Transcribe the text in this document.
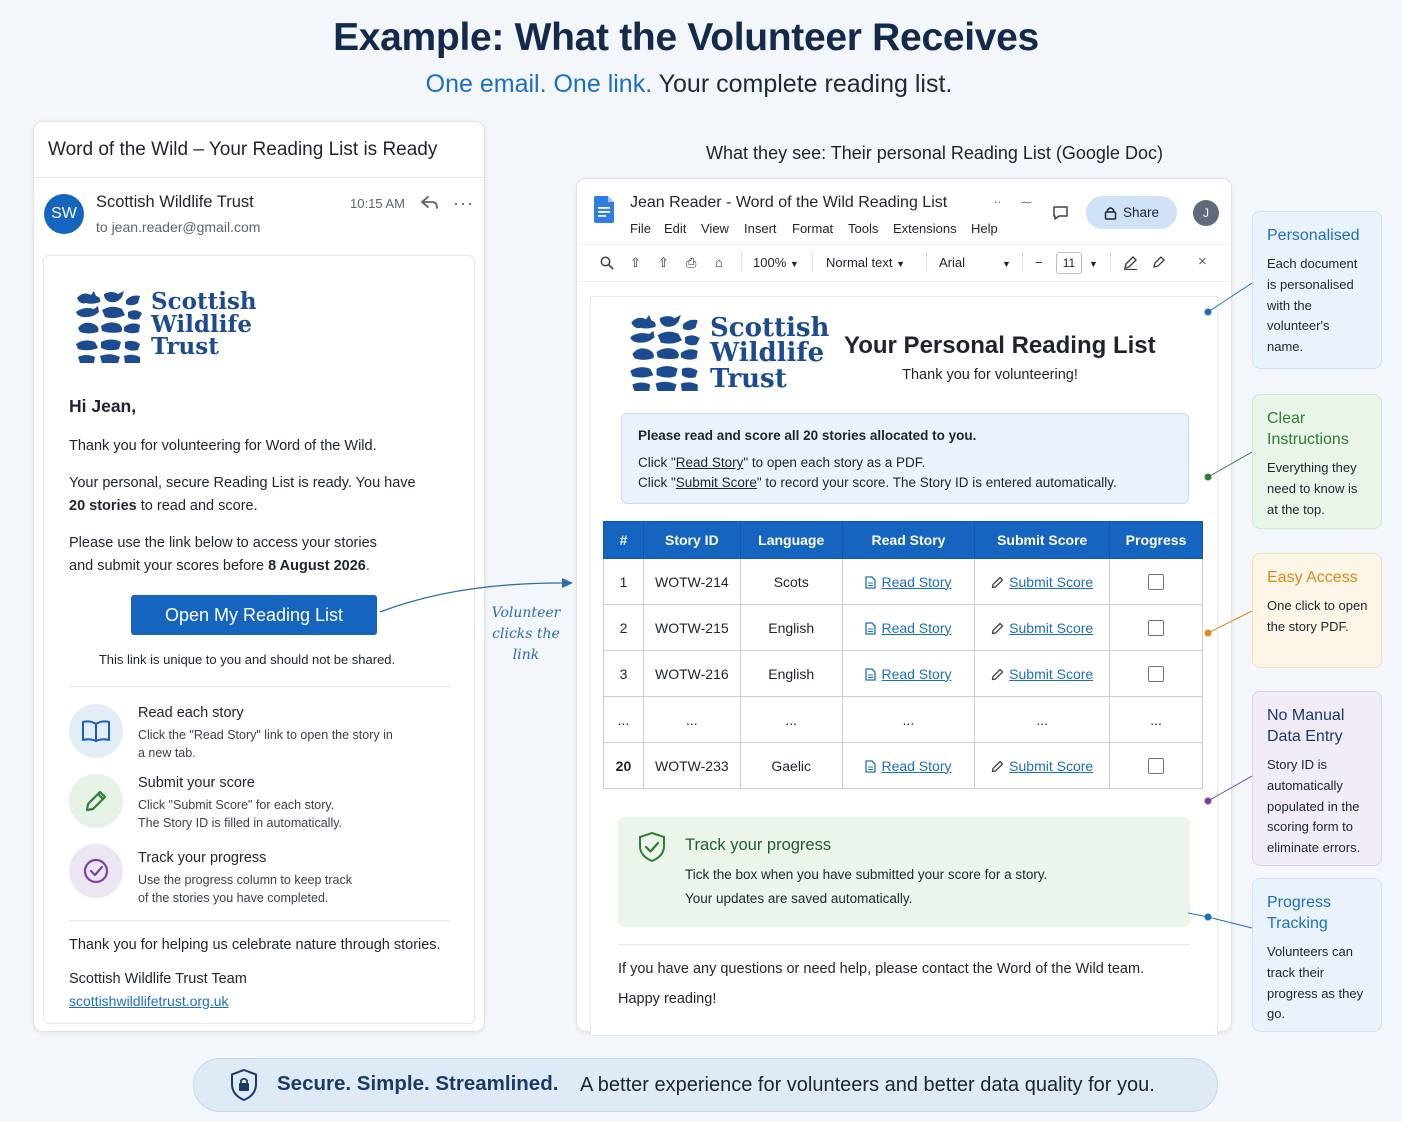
Example: What the Volunteer Receives
One email. One link. Your complete reading list.
Word of the Wild – Your Reading List is Ready
SW
Scottish Wildlife Trust
to jean.reader@gmail.com
10:15 AM	···
Scottish
Wildlife
Trust
Hi Jean,
Thank you for volunteering for Word of the Wild.
Your personal, secure Reading List is ready. You have
20 stories to read and score.
Please use the link below to access your stories
and submit your scores before 8 August 2026.
Open My Reading List
This link is unique to you and should not be shared.
Read each story
Click the "Read Story" link to open the story in
a new tab.
Submit your score
Click "Submit Score" for each story.
The Story ID is filled in automatically.
Track your progress
Use the progress column to keep track
of the stories you have completed.
Thank you for helping us celebrate nature through stories.
Scottish Wildlife Trust Team
scottishwildlifetrust.org.uk
Volunteer
clicks the
link
What they see: Their personal Reading List (Google Doc)
Jean Reader - Word of the Wild Reading List	⋅⋅ ⁓
File Edit View Insert Format Tools Extensions Help
Share	J
⇧ ⇧ ⎙ ⌂ 100% ▼ Normal text ▼	Arial	▼ −	11	▼	×
Scottish
Wildlife
Trust
Your Personal Reading List
Thank you for volunteering!
Please read and score all 20 stories allocated to you.
Click "Read Story" to open each story as a PDF.
Click "Submit Score" to record your score. The Story ID is entered automatically.
#	Story ID	Language	Read Story	Submit Score	Progress
1	WOTW-214	Scots	Read Story	Submit Score	
2	WOTW-215	English	Read Story	Submit Score	
3	WOTW-216	English	Read Story	Submit Score	
...	...	...	...	...	...
20	WOTW-233	Gaelic	Read Story	Submit Score	
Track your progress
Tick the box when you have submitted your score for a story.
Your updates are saved automatically.
If you have any questions or need help, please contact the Word of the Wild team.
Happy reading!
Personalised
Each document is personalised with the volunteer's name.
Clear Instructions
Everything they need to know is at the top.
Easy Access
One click to open the story PDF.
No Manual Data Entry
Story ID is automatically populated in the scoring form to eliminate errors.
Progress Tracking
Volunteers can track their progress as they go.
Secure. Simple. Streamlined. A better experience for volunteers and better data quality for you.
